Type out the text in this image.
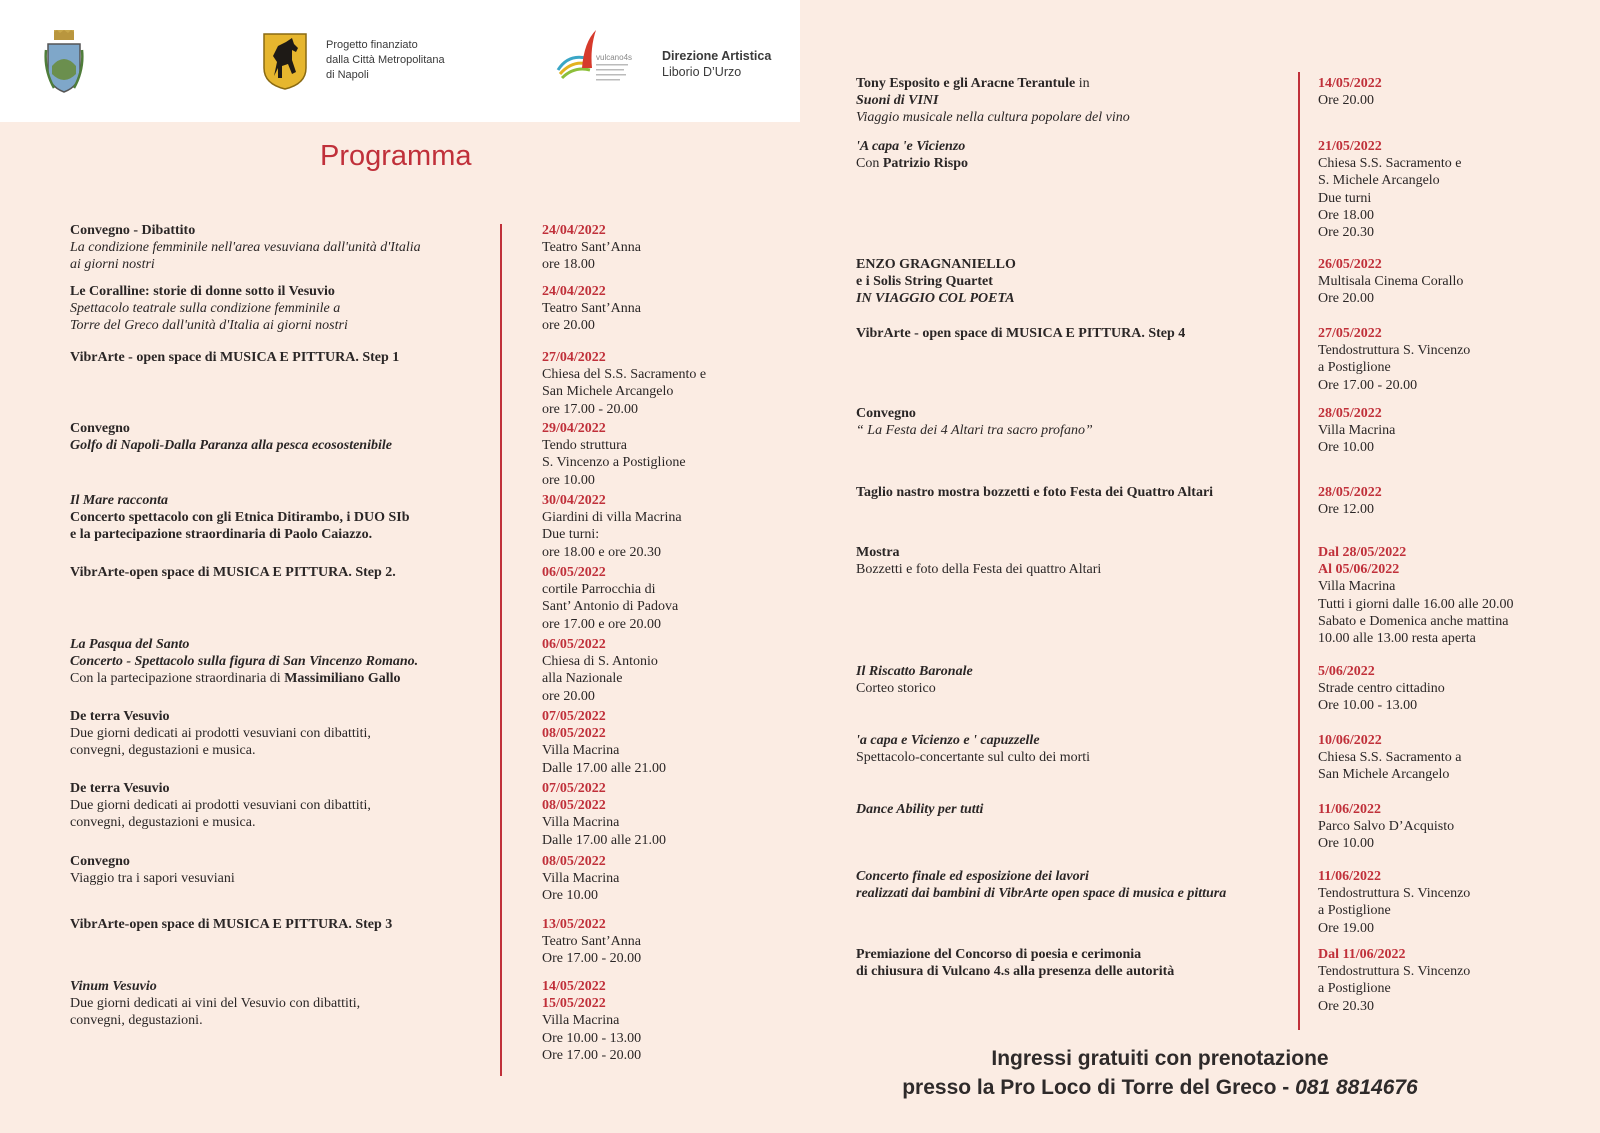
Progetto finanziato
dalla Città Metropolitana
di Napoli
vulcano4s Direzione Artistica
Liborio D’Urzo
Programma
Convegno - Dibattito
La condizione femminile nell'area vesuviana dall'unità d'Italia
ai giorni nostri
Le Coralline: storie di donne sotto il Vesuvio
Spettacolo teatrale sulla condizione femminile a
Torre del Greco dall'unità d'Italia ai giorni nostri
VibrArte - open space di MUSICA E PITTURA. Step 1
Convegno
Golfo di Napoli-Dalla Paranza alla pesca ecosostenibile
Il Mare racconta
Concerto spettacolo con gli Etnica Ditirambo, i DUO SIb
e la partecipazione straordinaria di Paolo Caiazzo.
VibrArte-open space di MUSICA E PITTURA. Step 2.
La Pasqua del Santo
Concerto - Spettacolo sulla figura di San Vincenzo Romano.
Con la partecipazione straordinaria di Massimiliano Gallo
De terra Vesuvio
Due giorni dedicati ai prodotti vesuviani con dibattiti,
convegni, degustazioni e musica.
De terra Vesuvio
Due giorni dedicati ai prodotti vesuviani con dibattiti,
convegni, degustazioni e musica.
Convegno
Viaggio tra i sapori vesuviani
VibrArte-open space di MUSICA E PITTURA. Step 3
Vinum Vesuvio
Due giorni dedicati ai vini del Vesuvio con dibattiti,
convegni, degustazioni.
24/04/2022
Teatro Sant’Anna
ore 18.00
24/04/2022
Teatro Sant’Anna
ore 20.00
27/04/2022
Chiesa del S.S. Sacramento e
San Michele Arcangelo
ore 17.00 - 20.00
29/04/2022
Tendo struttura
S. Vincenzo a Postiglione
ore 10.00
30/04/2022
Giardini di villa Macrina
Due turni:
ore 18.00 e ore 20.30
06/05/2022
cortile Parrocchia di
Sant’ Antonio di Padova
ore 17.00 e ore 20.00
06/05/2022
Chiesa di S. Antonio
alla Nazionale
ore 20.00
07/05/2022
08/05/2022
Villa Macrina
Dalle 17.00 alle 21.00
07/05/2022
08/05/2022
Villa Macrina
Dalle 17.00 alle 21.00
08/05/2022
Villa Macrina
Ore 10.00
13/05/2022
Teatro Sant’Anna
Ore 17.00 - 20.00
14/05/2022
15/05/2022
Villa Macrina
Ore 10.00 - 13.00
Ore 17.00 - 20.00
Tony Esposito e gli Aracne Terantule in
Suoni di VINI
Viaggio musicale nella cultura popolare del vino
'A capa 'e Vicienzo
Con Patrizio Rispo
ENZO GRAGNANIELLO
e i Solis String Quartet
IN VIAGGIO COL POETA
VibrArte - open space di MUSICA E PITTURA. Step 4
Convegno
“ La Festa dei 4 Altari tra sacro profano”
Taglio nastro mostra bozzetti e foto Festa dei Quattro Altari
Mostra
Bozzetti e foto della Festa dei quattro Altari
Il Riscatto Baronale
Corteo storico
'a capa e Vicienzo e ' capuzzelle
Spettacolo-concertante sul culto dei morti
Dance Ability per tutti
Concerto finale ed esposizione dei lavori
realizzati dai bambini di VibrArte open space di musica e pittura
Premiazione del Concorso di poesia e cerimonia
di chiusura di Vulcano 4.s alla presenza delle autorità
14/05/2022
Ore 20.00
21/05/2022
Chiesa S.S. Sacramento e
S. Michele Arcangelo
Due turni
Ore 18.00
Ore 20.30
26/05/2022
Multisala Cinema Corallo
Ore 20.00
27/05/2022
Tendostruttura S. Vincenzo
a Postiglione
Ore 17.00 - 20.00
28/05/2022
Villa Macrina
Ore 10.00
28/05/2022
Ore 12.00
Dal 28/05/2022
Al 05/06/2022
Villa Macrina
Tutti i giorni dalle 16.00 alle 20.00
Sabato e Domenica anche mattina
10.00 alle 13.00 resta aperta
5/06/2022
Strade centro cittadino
Ore 10.00 - 13.00
10/06/2022
Chiesa S.S. Sacramento a
San Michele Arcangelo
11/06/2022
Parco Salvo D’Acquisto
Ore 10.00
11/06/2022
Tendostruttura S. Vincenzo
a Postiglione
Ore 19.00
Dal 11/06/2022
Tendostruttura S. Vincenzo
a Postiglione
Ore 20.30
Ingressi gratuiti con prenotazione
presso la Pro Loco di Torre del Greco - 081 8814676
